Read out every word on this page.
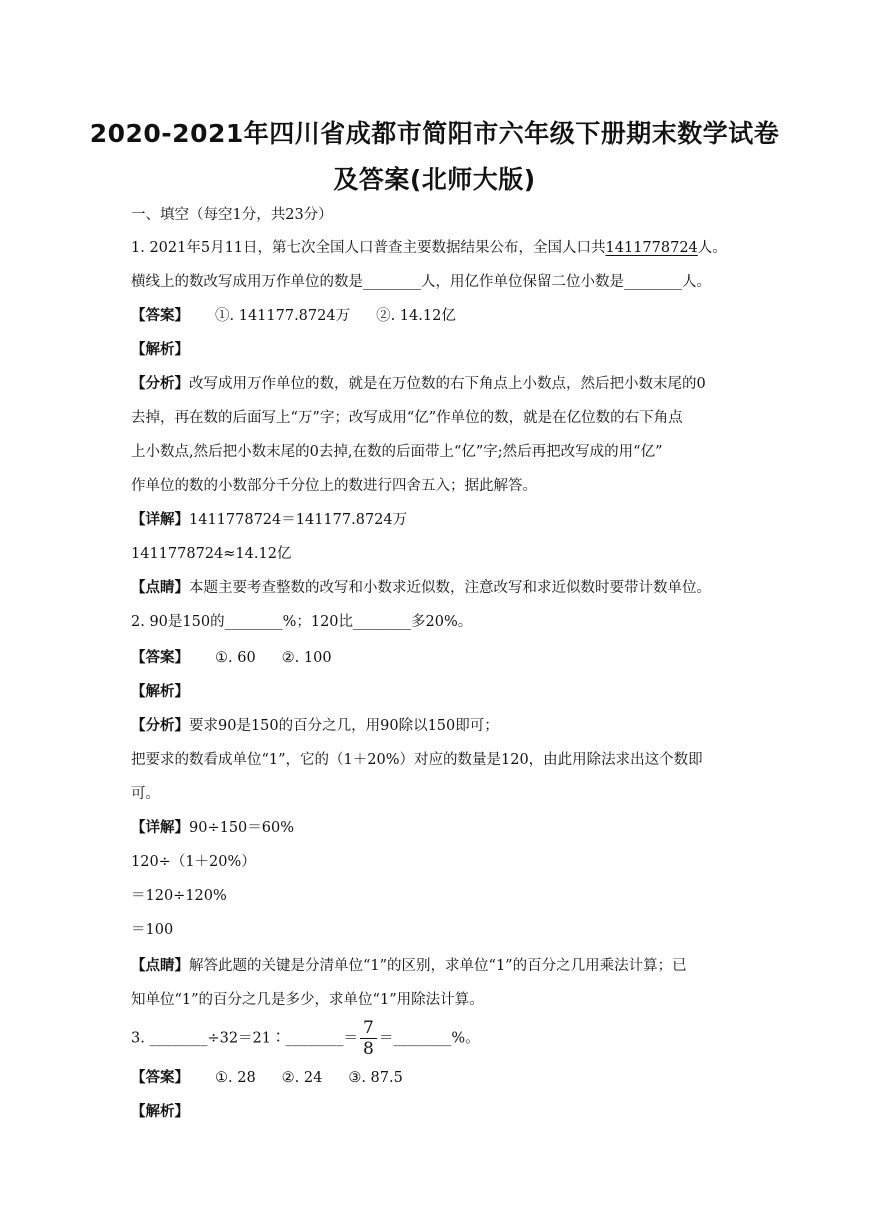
2020-2021年四川省成都市简阳市六年级下册期末数学试卷
及答案(北师大版)
一、填空（每空1分，共23分）
1. 2021年5月11日，第七次全国人口普查主要数据结果公布，全国人口共1411778724人。
横线上的数改写成用万作单位的数是________人，用亿作单位保留二位小数是________人。
【答案】 ①. 141177.8724万 ②. 14.12亿
【解析】
【分析】改写成用万作单位的数，就是在万位数的右下角点上小数点，然后把小数末尾的0
去掉，再在数的后面写上“万”字；改写成用“亿”作单位的数，就是在亿位数的右下角点
上小数点,然后把小数末尾的0去掉,在数的后面带上“亿”字;然后再把改写成的用“亿”
作单位的数的小数部分千分位上的数进行四舍五入；据此解答。
【详解】1411778724＝141177.8724万
1411778724≈14.12亿
【点睛】本题主要考查整数的改写和小数求近似数，注意改写和求近似数时要带计数单位。
2. 90是150的________%；120比________多20%。
【答案】 ①. 60 ②. 100
【解析】
【分析】要求90是150的百分之几，用90除以150即可；
把要求的数看成单位“1”，它的（1＋20%）对应的数量是120，由此用除法求出这个数即
可。
【详解】90÷150＝60%
120÷（1＋20%）
＝120÷120%
＝100
【点睛】解答此题的关键是分清单位“1”的区别，求单位“1”的百分之几用乘法计算；已
知单位“1”的百分之几是多少，求单位“1”用除法计算。
3. ________÷32＝21∶________＝ $\frac{7}{8}$ ＝________%。
【答案】 ①. 28 ②. 24 ③. 87.5
【解析】
